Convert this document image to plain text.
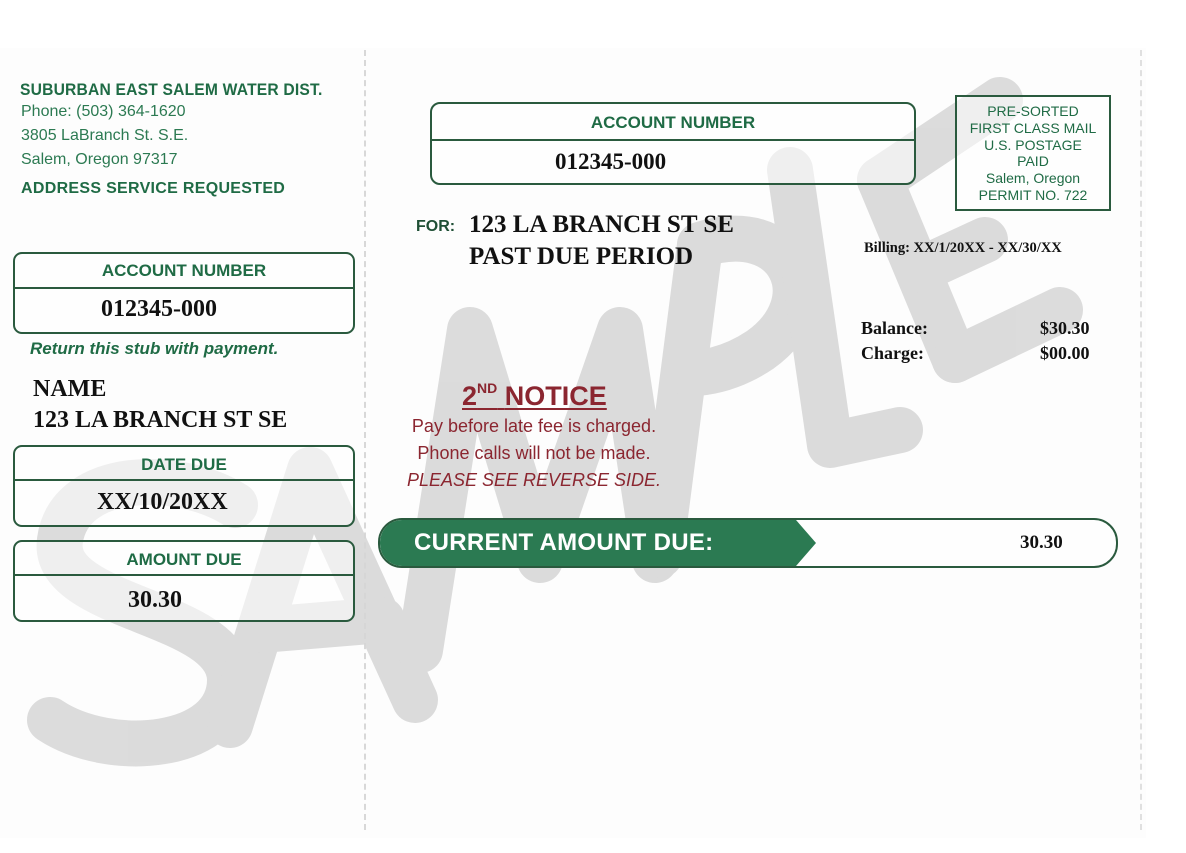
SUBURBAN EAST SALEM WATER DIST.
Phone: (503) 364-1620
3805 LaBranch St. S.E.
Salem, Oregon 97317
ADDRESS SERVICE REQUESTED
ACCOUNT NUMBER
012345-000
Return this stub with payment.
NAME
123 LA BRANCH ST SE
DATE DUE
XX/10/20XX
AMOUNT DUE
30.30
ACCOUNT NUMBER
012345-000
PRE-SORTED
FIRST CLASS MAIL
U.S. POSTAGE
PAID
Salem, Oregon
PERMIT NO. 722
FOR: 123 LA BRANCH ST SE
PAST DUE PERIOD	Billing: XX/1/20XX - XX/30/XX
Balance:	$30.30
Charge:	$00.00
2ND NOTICE
Pay before late fee is charged.
Phone calls will not be made.
PLEASE SEE REVERSE SIDE.
CURRENT AMOUNT DUE:	30.30
